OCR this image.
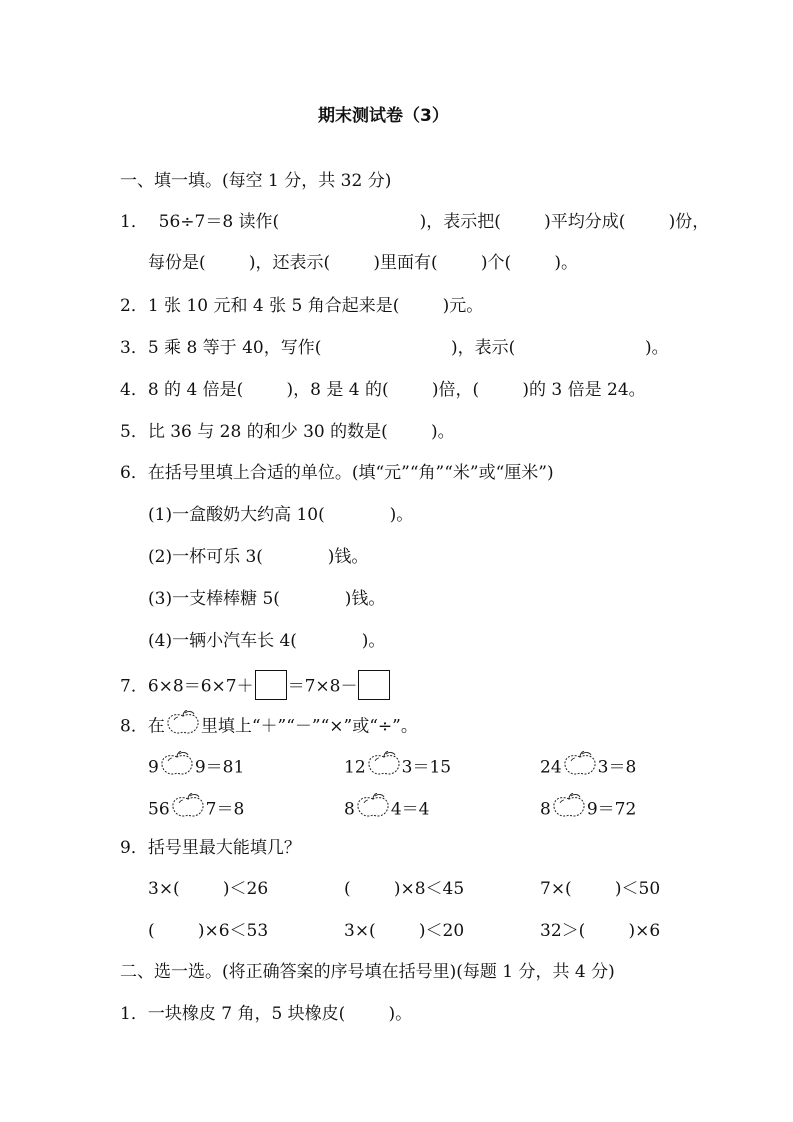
期末测试卷（3）
一、填一填。(每空 1 分，共 32 分)
1．  56÷7＝8 读作(                          )，表示把(        )平均分成(        )份，
每份是(        )，还表示(        )里面有(        )个(        )。
2．1 张 10 元和 4 张 5 角合起来是(        )元。
3．5 乘 8 等于 40，写作(                        )，表示(                        )。
4．8 的 4 倍是(        )，8 是 4 的(        )倍，(        )的 3 倍是 24。
5．比 36 与 28 的和少 30 的数是(        )。
6．在括号里填上合适的单位。(填“元”“角”“米”或“厘米”)
(1)一盒酸奶大约高 10(            )。
(2)一杯可乐 3(            )钱。
(3)一支棒棒糖 5(            )钱。
(4)一辆小汽车长 4(            )。
7．6×8＝6×7＋ ＝7×8－
8．在 里填上“＋”“－”“×”或“÷”。
9 9＝81	12 3＝15	24 3＝8
56 7＝8	8 4＝4	8 9＝72
9．括号里最大能填几？
3×(        )＜26	(        )×8＜45	7×(        )＜50
(        )×6＜53	3×(        )＜20	32＞(        )×6
二、选一选。(将正确答案的序号填在括号里)(每题 1 分，共 4 分)
1．一块橡皮 7 角，5 块橡皮(        )。
